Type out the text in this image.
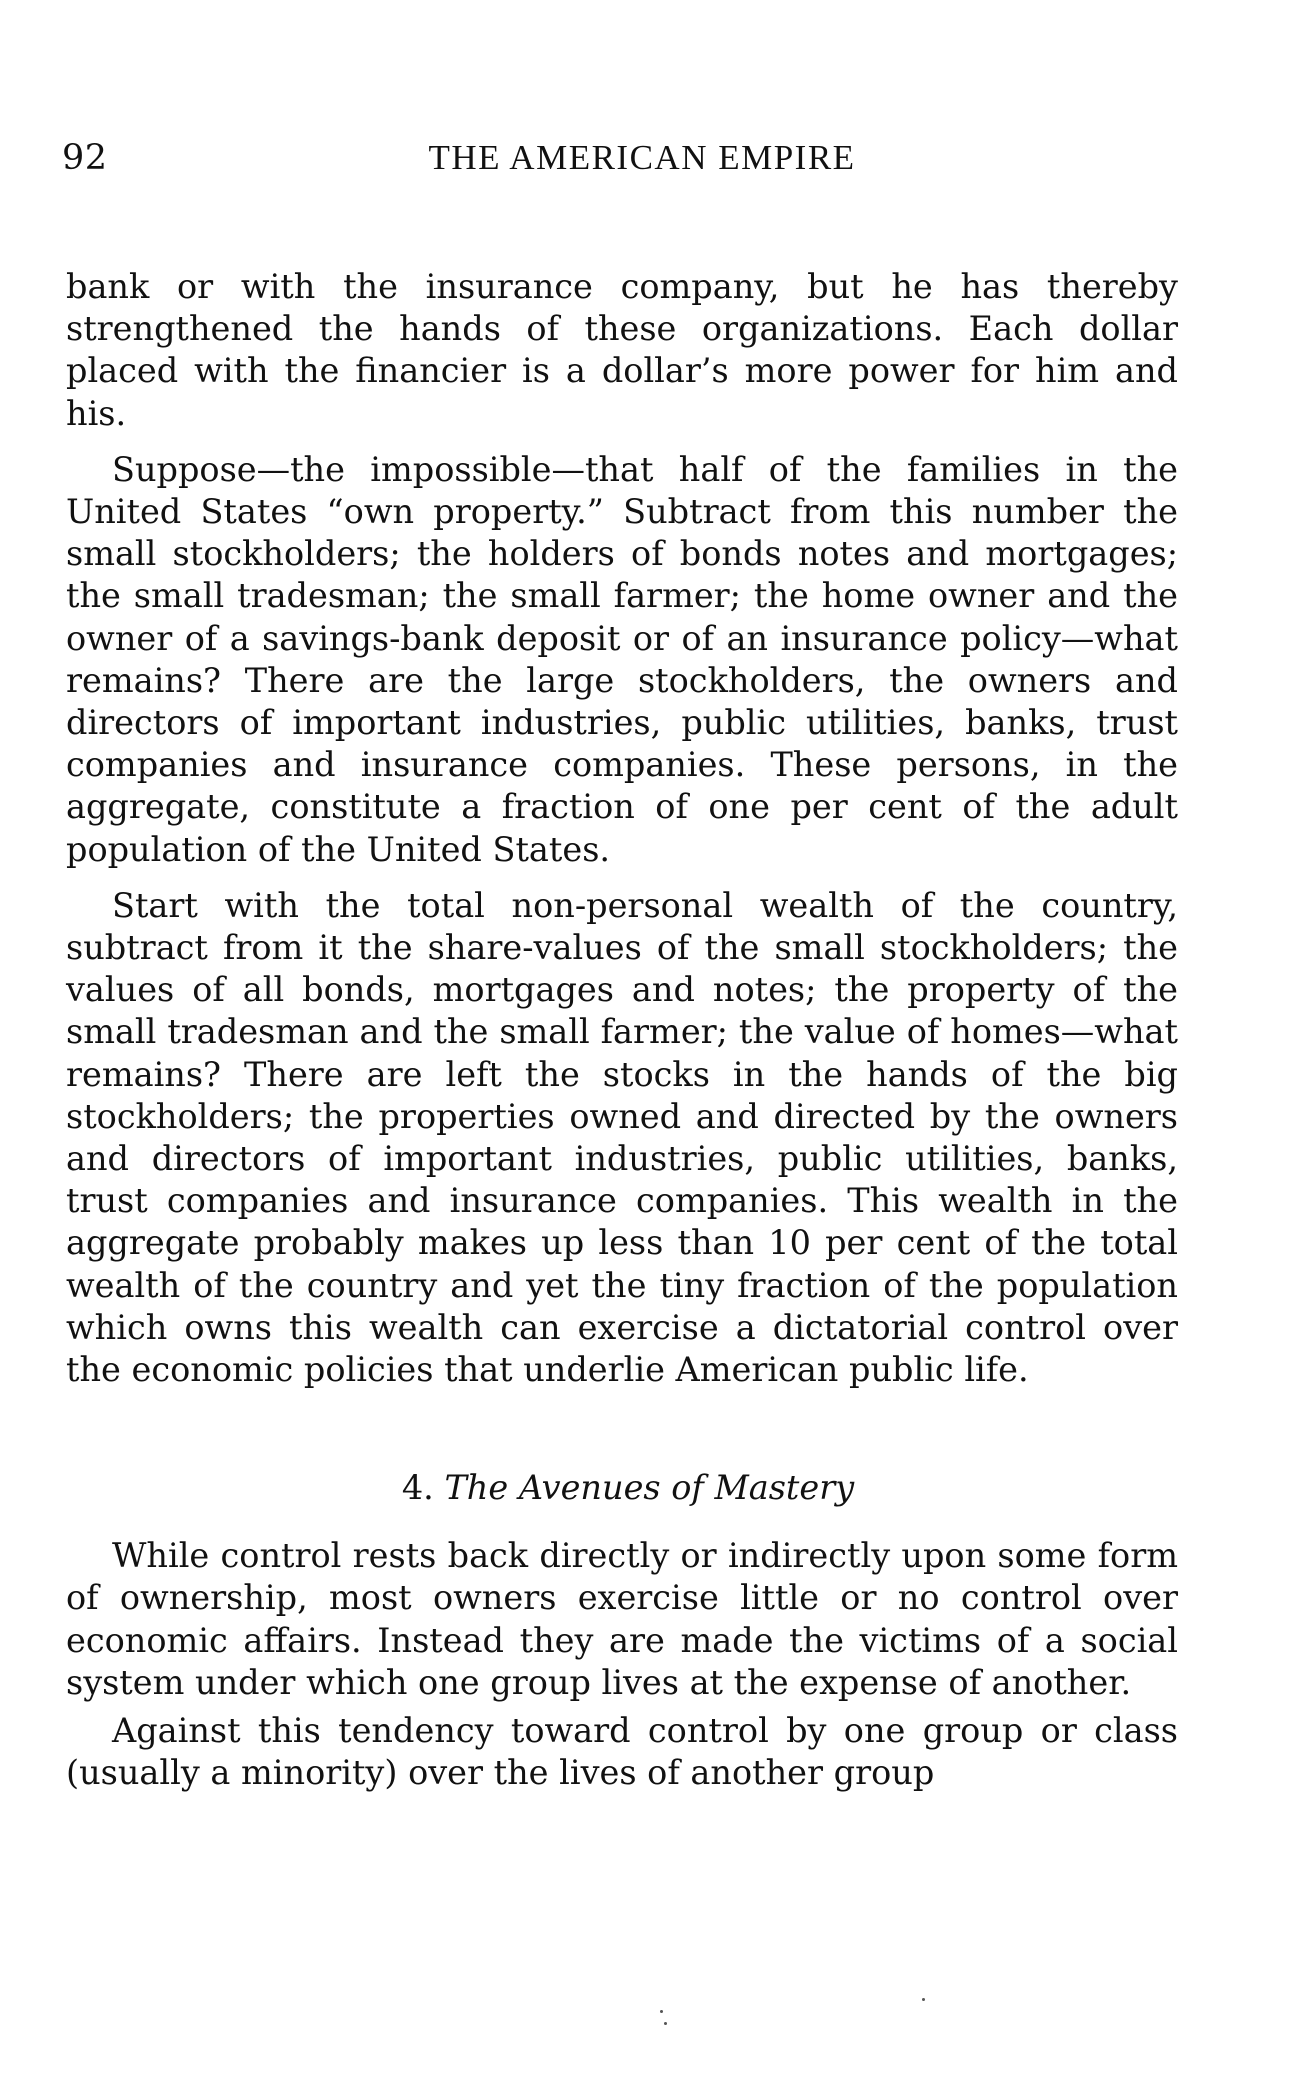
92	THE AMERICAN EMPIRE

bank or with the insurance company, but he has thereby strengthened the hands of these organizations. Each dollar placed with the financier is a dollar’s more power for him and his.

Suppose—the impossible—that half of the families in the United States “own property.” Subtract from this number the small stockholders; the holders of bonds notes and mortgages; the small tradesman; the small farmer; the home owner and the owner of a savings-bank deposit or of an insurance policy—what remains? There are the large stockholders, the owners and directors of important industries, public utilities, banks, trust companies and insurance companies. These persons, in the aggregate, constitute a fraction of one per cent of the adult population of the United States.

Start with the total non-personal wealth of the country, subtract from it the share-values of the small stockholders; the values of all bonds, mortgages and notes; the property of the small tradesman and the small farmer; the value of homes—what remains? There are left the stocks in the hands of the big stockholders; the properties owned and directed by the owners and directors of important industries, public utilities, banks, trust companies and insurance companies. This wealth in the aggregate probably makes up less than 10 per cent of the total wealth of the country and yet the tiny fraction of the population which owns this wealth can exercise a dictatorial control over the economic policies that underlie American public life.

4. The Avenues of Mastery

While control rests back directly or indirectly upon some form of ownership, most owners exercise little or no control over economic affairs. Instead they are made the victims of a social system under which one group lives at the expense of another.

Against this tendency toward control by one group or class (usually a minority) over the lives of another group
